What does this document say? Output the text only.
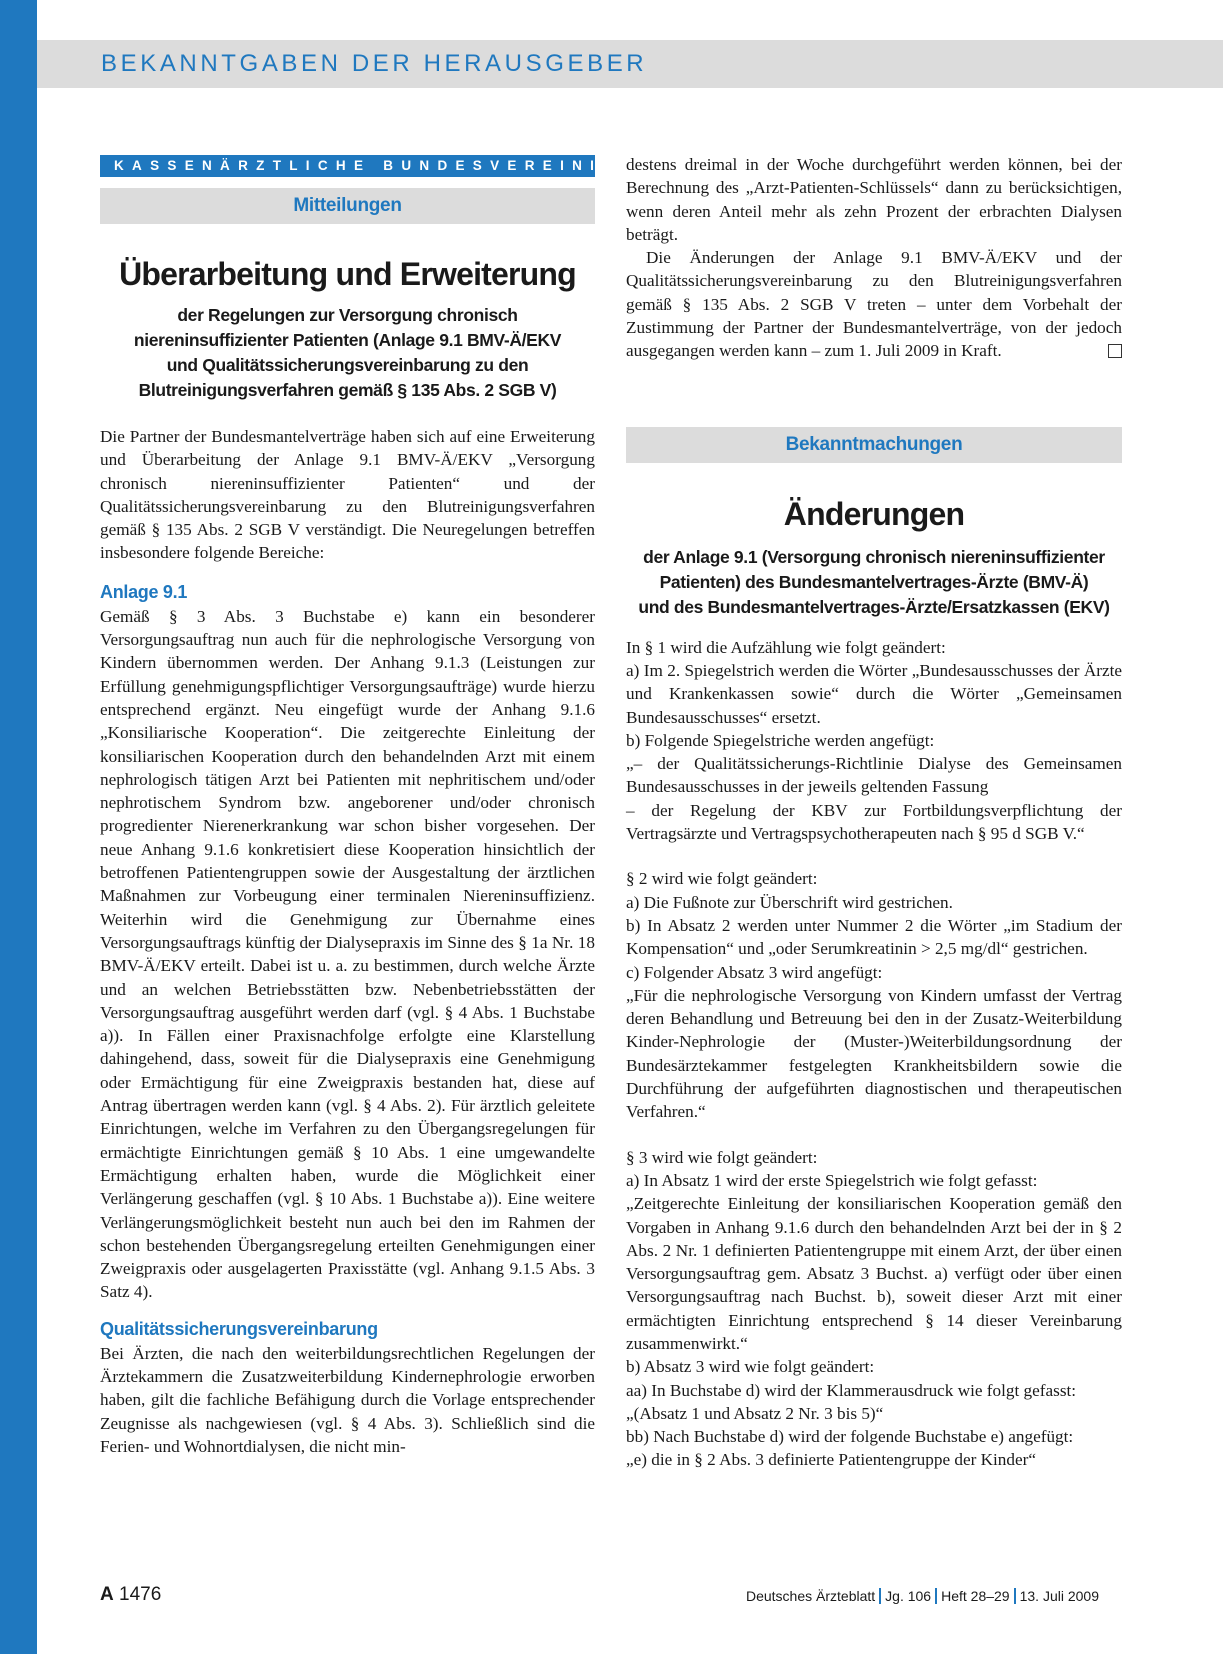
BEKANNTGABEN DER HERAUSGEBER
KASSENÄRZTLICHE BUNDESVEREINIGUNG
Mitteilungen
Überarbeitung und Erweiterung
der Regelungen zur Versorgung chronisch
niereninsuffizienter Patienten (Anlage 9.1 BMV-Ä/EKV
und Qualitätssicherungsvereinbarung zu den
Blutreinigungsverfahren gemäß § 135 Abs. 2 SGB V)

Die Partner der Bundesmantelverträge haben sich auf eine Erweiterung und Überarbeitung der Anlage 9.1 BMV-Ä/EKV „Versorgung chronisch niereninsuffizienter Patienten“ und der Qualitätssicherungsvereinbarung zu den Blutreinigungsverfahren gemäß § 135 Abs. 2 SGB V verständigt. Die Neuregelungen betreffen insbesondere folgende Bereiche:

Anlage 9.1

Gemäß § 3 Abs. 3 Buchstabe e) kann ein besonderer Versorgungsauftrag nun auch für die nephrologische Versorgung von Kindern übernommen werden. Der Anhang 9.1.3 (Leistungen zur Erfüllung genehmigungspflichtiger Versorgungsaufträge) wurde hierzu entsprechend ergänzt. Neu eingefügt wurde der Anhang 9.1.6 „Konsiliarische Kooperation“. Die zeitgerechte Einleitung der konsiliarischen Kooperation durch den behandelnden Arzt mit einem nephrologisch tätigen Arzt bei Patienten mit nephritischem und/oder nephrotischem Syndrom bzw. angeborener und/oder chronisch progredienter Nierenerkrankung war schon bisher vorgesehen. Der neue Anhang 9.1.6 konkretisiert diese Kooperation hinsichtlich der betroffenen Patientengruppen sowie der Ausgestaltung der ärztlichen Maßnahmen zur Vorbeugung einer terminalen Niereninsuffizienz. Weiterhin wird die Genehmigung zur Übernahme eines Versorgungsauftrags künftig der Dialysepraxis im Sinne des § 1a Nr. 18 BMV-Ä/EKV erteilt. Dabei ist u. a. zu bestimmen, durch welche Ärzte und an welchen Betriebsstätten bzw. Nebenbetriebsstätten der Versorgungsauftrag ausgeführt werden darf (vgl. § 4 Abs. 1 Buchstabe a)). In Fällen einer Praxisnachfolge erfolgte eine Klarstellung dahingehend, dass, soweit für die Dialysepraxis eine Genehmigung oder Ermächtigung für eine Zweigpraxis bestanden hat, diese auf Antrag übertragen werden kann (vgl. § 4 Abs. 2). Für ärztlich geleitete Einrichtungen, welche im Verfahren zu den Übergangsregelungen für ermächtigte Einrichtungen gemäß § 10 Abs. 1 eine umgewandelte Ermächtigung erhalten haben, wurde die Möglichkeit einer Verlängerung geschaffen (vgl. § 10 Abs. 1 Buchstabe a)). Eine weitere Verlängerungsmöglichkeit besteht nun auch bei den im Rahmen der schon bestehenden Übergangsregelung erteilten Genehmigungen einer Zweigpraxis oder ausgelagerten Praxisstätte (vgl. Anhang 9.1.5 Abs. 3 Satz 4).

Qualitätssicherungsvereinbarung

Bei Ärzten, die nach den weiterbildungsrechtlichen Regelungen der Ärztekammern die Zusatzweiterbildung Kindernephrologie erworben haben, gilt die fachliche Befähigung durch die Vorlage entsprechender Zeugnisse als nachgewiesen (vgl. § 4 Abs. 3). Schließlich sind die Ferien- und Wohnortdialysen, die nicht min-

destens dreimal in der Woche durchgeführt werden können, bei der Berechnung des „Arzt-Patienten-Schlüssels“ dann zu berücksichtigen, wenn deren Anteil mehr als zehn Prozent der erbrachten Dialysen beträgt.

Die Änderungen der Anlage 9.1 BMV-Ä/EKV und der Qualitätssicherungsvereinbarung zu den Blutreinigungsverfahren gemäß § 135 Abs. 2 SGB V treten – unter dem Vorbehalt der Zustimmung der Partner der Bundesmantelverträge, von der jedoch ausgegangen werden kann – zum 1. Juli 2009 in Kraft.

Bekanntmachungen
Änderungen
der Anlage 9.1 (Versorgung chronisch niereninsuffizienter
Patienten) des Bundesmantelvertrages-Ärzte (BMV-Ä)
und des Bundesmantelvertrages-Ärzte/Ersatzkassen (EKV)

In § 1 wird die Aufzählung wie folgt geändert:

a) Im 2. Spiegelstrich werden die Wörter „Bundesausschusses der Ärzte und Krankenkassen sowie“ durch die Wörter „Gemeinsamen Bundesausschusses“ ersetzt.

b) Folgende Spiegelstriche werden angefügt:

„– der Qualitätssicherungs-Richtlinie Dialyse des Gemeinsamen Bundesausschusses in der jeweils geltenden Fassung

– der Regelung der KBV zur Fortbildungsverpflichtung der Vertragsärzte und Vertragspsychotherapeuten nach § 95 d SGB V.“

§ 2 wird wie folgt geändert:

a) Die Fußnote zur Überschrift wird gestrichen.

b) In Absatz 2 werden unter Nummer 2 die Wörter „im Stadium der Kompensation“ und „oder Serumkreatinin > 2,5 mg/dl“ gestrichen.

c) Folgender Absatz 3 wird angefügt:

„Für die nephrologische Versorgung von Kindern umfasst der Vertrag deren Behandlung und Betreuung bei den in der Zusatz-Weiterbildung Kinder-Nephrologie der (Muster-)Weiterbildungsordnung der Bundesärztekammer festgelegten Krankheitsbildern sowie die Durchführung der aufgeführten diagnostischen und therapeutischen Verfahren.“

§ 3 wird wie folgt geändert:

a) In Absatz 1 wird der erste Spiegelstrich wie folgt gefasst:

„Zeitgerechte Einleitung der konsiliarischen Kooperation gemäß den Vorgaben in Anhang 9.1.6 durch den behandelnden Arzt bei der in § 2 Abs. 2 Nr. 1 definierten Patientengruppe mit einem Arzt, der über einen Versorgungsauftrag gem. Absatz 3 Buchst. a) verfügt oder über einen Versorgungsauftrag nach Buchst. b), soweit dieser Arzt mit einer ermächtigten Einrichtung entsprechend § 14 dieser Vereinbarung zusammenwirkt.“

b) Absatz 3 wird wie folgt geändert:

aa) In Buchstabe d) wird der Klammerausdruck wie folgt gefasst:

„(Absatz 1 und Absatz 2 Nr. 3 bis 5)“

bb) Nach Buchstabe d) wird der folgende Buchstabe e) angefügt:

„e) die in § 2 Abs. 3 definierte Patientengruppe der Kinder“

A 1476	Deutsches Ärzteblatt Jg. 106 Heft 28–29 13. Juli 2009
